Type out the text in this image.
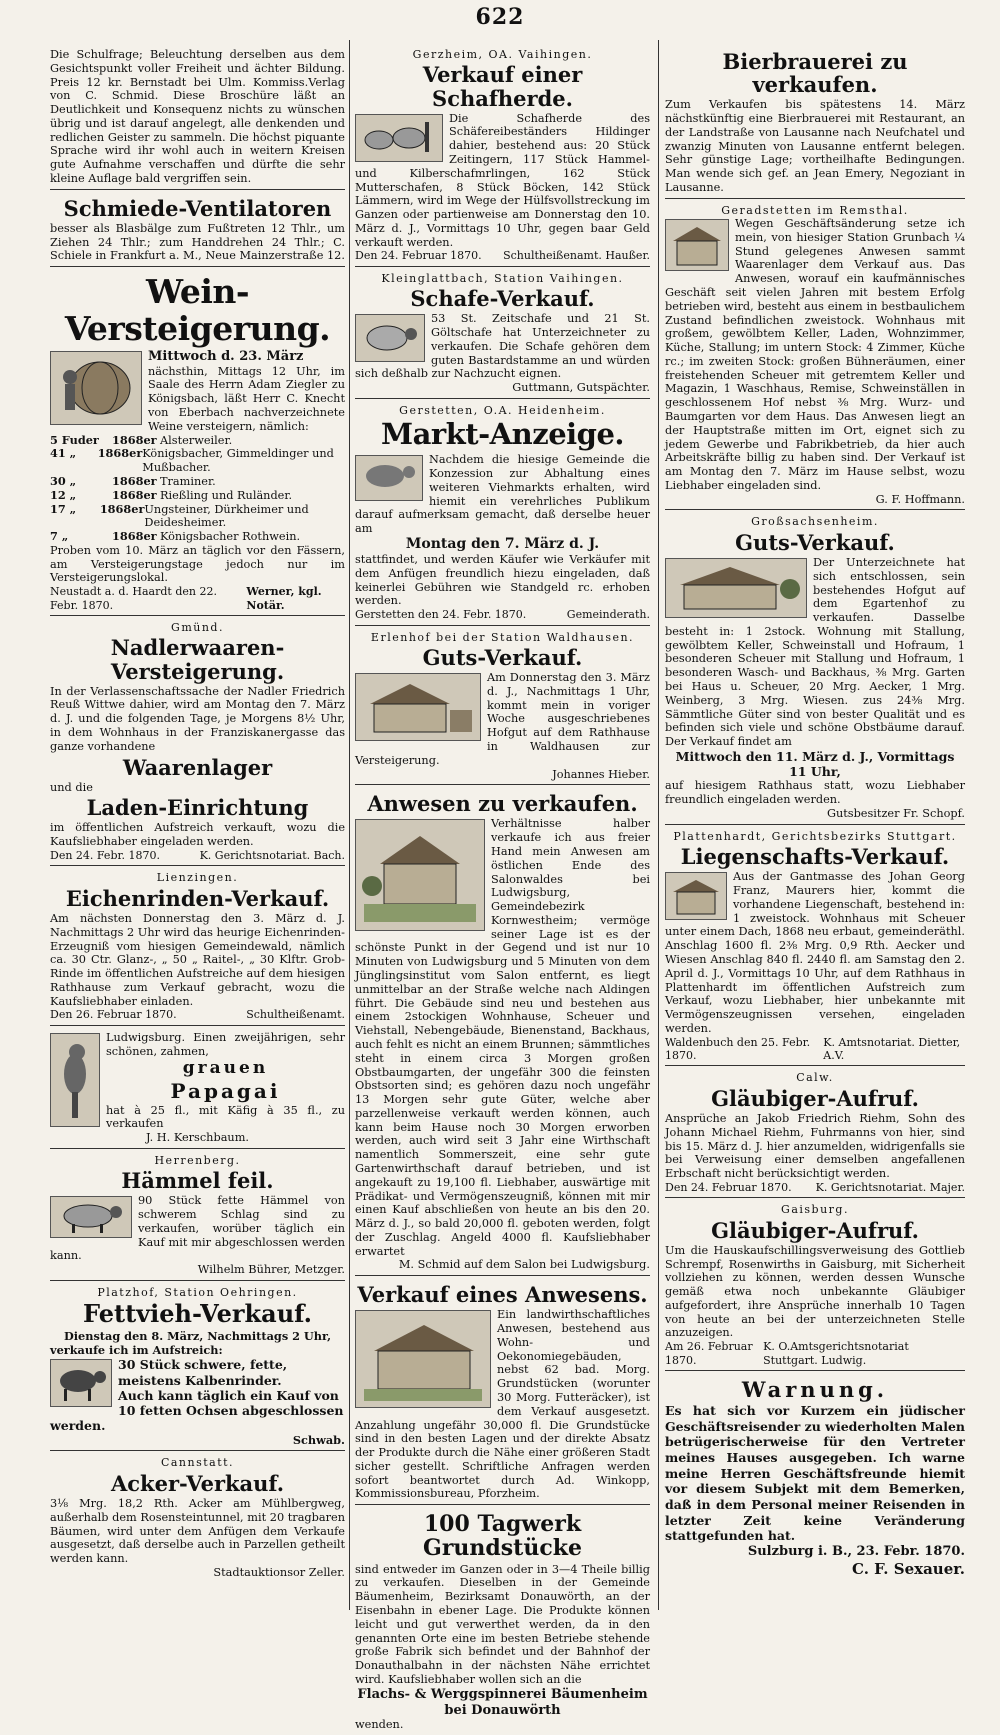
622
Die Schulfrage; Beleuchtung derselben aus dem Gesichtspunkt voller Freiheit und ächter Bildung. Preis 12 kr. Bernstadt bei Ulm. Kommiss.Verlag von C. Schmid. Diese Broschüre läßt an Deutlichkeit und Konsequenz nichts zu wünschen übrig und ist darauf angelegt, alle denkenden und redlichen Geister zu sammeln. Die höchst piquante Sprache wird ihr wohl auch in weitern Kreisen gute Aufnahme verschaffen und dürfte die sehr kleine Auflage bald vergriffen sein.
Schmiede-Ventilatoren
besser als Blasbälge zum Fußtreten 12 Thlr., um Ziehen 24 Thlr.; zum Handdrehen 24 Thlr.; C. Schiele in Frankfurt a. M., Neue Mainzerstraße 12.
Wein-Versteigerung.
Mittwoch d. 23. März
nächsthin, Mittags 12 Uhr, im Saale des Herrn Adam Ziegler zu Königsbach, läßt Herr C. Knecht von Eberbach nachverzeichnete Weine versteigern, nämlich:
5 Fuder	1868er Alsterweiler.
41 „	1868er Königsbacher, Gimmeldinger und Mußbacher.
30 „	1868er Traminer.
12 „	1868er Rießling und Ruländer.
17 „	1868er Ungsteiner, Dürkheimer und Deidesheimer.
7 „	1868er Königsbacher Rothwein.
Proben vom 10. März an täglich vor den Fässern, am Versteigerungstage jedoch nur im Versteigerungslokal.
Neustadt a. d. Haardt den 22. Febr. 1870.
Werner, kgl. Notär.
Gmünd.
Nadlerwaaren-Versteigerung.
In der Verlassenschaftssache der Nadler Friedrich Reuß Wittwe dahier, wird am Montag den 7. März d. J. und die folgenden Tage, je Morgens 8½ Uhr, in dem Wohnhaus in der Franziskanergasse das ganze vorhandene
Waarenlager
und die
Laden-Einrichtung
im öffentlichen Aufstreich verkauft, wozu die Kaufsliebhaber eingeladen werden.
Den 24. Febr. 1870.	K. Gerichtsnotariat. Bach.
Lienzingen.
Eichenrinden-Verkauf.
Am nächsten Donnerstag den 3. März d. J. Nachmittags 2 Uhr wird das heurige Eichenrinden-Erzeugniß vom hiesigen Gemeindewald, nämlich ca. 30 Ctr. Glanz-, „ 50 „ Raitel-, „ 30 Klftr. Grob- Rinde im öffentlichen Aufstreiche auf dem hiesigen Rathhause zum Verkauf gebracht, wozu die Kaufsliebhaber einladen.
Den 26. Februar 1870.	Schultheißenamt.
Ludwigsburg. Einen zweijährigen, sehr schönen, zahmen,
grauen
Papagai
hat à 25 fl., mit Käfig à 35 fl., zu verkaufen
J. H. Kerschbaum.
Herrenberg.
Hämmel feil.
90 Stück fette Hämmel von schwerem Schlag sind zu verkaufen, worüber täglich ein Kauf mit mir abgeschlossen werden kann.
Wilhelm Bührer, Metzger.
Platzhof, Station Oehringen.
Fettvieh-Verkauf.
Dienstag den 8. März, Nachmittags 2 Uhr,
verkaufe ich im Aufstreich:
30 Stück schwere, fette, meistens Kalbenrinder.
Auch kann täglich ein Kauf von 10 fetten Ochsen abgeschlossen werden.
Schwab.
Cannstatt.
Acker-Verkauf.
3⅛ Mrg. 18,2 Rth. Acker am Mühlbergweg, außerhalb dem Rosensteintunnel, mit 20 tragbaren Bäumen, wird unter dem Anfügen dem Verkaufe ausgesetzt, daß derselbe auch in Parzellen getheilt werden kann.
Stadtauktionsor Zeller.
Gerzheim, OA. Vaihingen.
Verkauf einer Schafherde.
Die Schafherde des Schäfereibeständers Hildinger dahier, bestehend aus: 20 Stück Zeitingern, 117 Stück Hammel- und Kilberschafmrlingen, 162 Stück Mutterschafen, 8 Stück Böcken, 142 Stück Lämmern, wird im Wege der Hülfsvollstreckung im Ganzen oder partienweise am Donnerstag den 10. März d. J., Vormittags 10 Uhr, gegen baar Geld verkauft werden.
Den 24. Februar 1870. Schultheißenamt. Haußer.
Kleinglattbach, Station Vaihingen.
Schafe-Verkauf.
53 St. Zeitschafe und 21 St. Göltschafe hat Unterzeichneter zu verkaufen. Die Schafe gehören dem guten Bastardstamme an und würden sich deßhalb zur Nachzucht eignen.
Guttmann, Gutspächter.
Gerstetten, O.A. Heidenheim.
Markt-Anzeige.
Nachdem die hiesige Gemeinde die Konzession zur Abhaltung eines weiteren Viehmarkts erhalten, wird hiemit ein verehrliches Publikum darauf aufmerksam gemacht, daß derselbe heuer am
Montag den 7. März d. J.
stattfindet, und werden Käufer wie Verkäufer mit dem Anfügen freundlich hiezu eingeladen, daß keinerlei Gebühren wie Standgeld rc. erhoben werden.
Gerstetten den 24. Febr. 1870.	Gemeinderath.
Erlenhof bei der Station Waldhausen.
Guts-Verkauf.
Am Donnerstag den 3. März d. J., Nachmittags 1 Uhr, kommt mein in voriger Woche ausgeschriebenes Hofgut auf dem Rathhause in Waldhausen zur Versteigerung.
Johannes Hieber.
Anwesen zu verkaufen.
Verhältnisse halber verkaufe ich aus freier Hand mein Anwesen am östlichen Ende des Salonwaldes bei Ludwigsburg, Gemeindebezirk Kornwestheim; vermöge seiner Lage ist es der schönste Punkt in der Gegend und ist nur 10 Minuten von Ludwigsburg und 5 Minuten von dem Jünglingsinstitut vom Salon entfernt, es liegt unmittelbar an der Straße welche nach Aldingen führt. Die Gebäude sind neu und bestehen aus einem 2stockigen Wohnhause, Scheuer und Viehstall, Nebengebäude, Bienenstand, Backhaus, auch fehlt es nicht an einem Brunnen; sämmtliches steht in einem circa 3 Morgen großen Obstbaumgarten, der ungefähr 300 die feinsten Obstsorten sind; es gehören dazu noch ungefähr 13 Morgen sehr gute Güter, welche aber parzellenweise verkauft werden können, auch kann beim Hause noch 30 Morgen erworben werden, auch wird seit 3 Jahr eine Wirthschaft namentlich Sommerszeit, eine sehr gute Gartenwirthschaft darauf betrieben, und ist angekauft zu 19,100 fl. Liebhaber, auswärtige mit Prädikat- und Vermögenszeugniß, können mit mir einen Kauf abschließen von heute an bis den 20. März d. J., so bald 20,000 fl. geboten werden, folgt der Zuschlag. Angeld 4000 fl. Kaufsliebhaber erwartet
M. Schmid auf dem Salon bei Ludwigsburg.
Verkauf eines Anwesens.
Ein landwirthschaftliches Anwesen, bestehend aus Wohn- und Oekonomiegebäuden, nebst 62 bad. Morg. Grundstücken (worunter 30 Morg. Futteräcker), ist dem Verkauf ausgesetzt. Anzahlung ungefähr 30,000 fl. Die Grundstücke sind in den besten Lagen und der direkte Absatz der Produkte durch die Nähe einer größeren Stadt sicher gestellt. Schriftliche Anfragen werden sofort beantwortet durch Ad. Winkopp, Kommissionsbureau, Pforzheim.
100 Tagwerk Grundstücke
sind entweder im Ganzen oder in 3—4 Theile billig zu verkaufen. Dieselben in der Gemeinde Bäumenheim, Bezirksamt Donauwörth, an der Eisenbahn in ebener Lage. Die Produkte können leicht und gut verwerthet werden, da in den genannten Orte eine im besten Betriebe stehende große Fabrik sich befindet und der Bahnhof der Donauthalbahn in der nächsten Nähe errichtet wird. Kaufsliebhaber wollen sich an die
Flachs- & Werggspinnerei Bäumenheim bei Donauwörth
wenden.
Bierbrauerei zu verkaufen.
Zum Verkaufen bis spätestens 14. März nächstkünftig eine Bierbrauerei mit Restaurant, an der Landstraße von Lausanne nach Neufchatel und zwanzig Minuten von Lausanne entfernt belegen. Sehr günstige Lage; vortheilhafte Bedingungen. Man wende sich gef. an Jean Emery, Negoziant in Lausanne.
Geradstetten im Remsthal.
Wegen Geschäftsänderung setze ich mein, von hiesiger Station Grunbach ¼ Stund gelegenes Anwesen sammt Waarenlager dem Verkauf aus. Das Anwesen, worauf ein kaufmännisches Geschäft seit vielen Jahren mit bestem Erfolg betrieben wird, besteht aus einem in bestbaulichem Zustand befindlichen zweistock. Wohnhaus mit großem, gewölbtem Keller, Laden, Wohnzimmer, Küche, Stallung; im untern Stock: 4 Zimmer, Küche rc.; im zweiten Stock: großen Bühneräumen, einer freistehenden Scheuer mit getremtem Keller und Magazin, 1 Waschhaus, Remise, Schweinställen in geschlossenem Hof nebst ⅜ Mrg. Wurz- und Baumgarten vor dem Haus. Das Anwesen liegt an der Hauptstraße mitten im Ort, eignet sich zu jedem Gewerbe und Fabrikbetrieb, da hier auch Arbeitskräfte billig zu haben sind. Der Verkauf ist am Montag den 7. März im Hause selbst, wozu Liebhaber eingeladen sind.
G. F. Hoffmann.
Großsachsenheim.
Guts-Verkauf.
Der Unterzeichnete hat sich entschlossen, sein bestehendes Hofgut auf dem Egartenhof zu verkaufen. Dasselbe besteht in: 1 2stock. Wohnung mit Stallung, gewölbtem Keller, Schweinstall und Hofraum, 1 besonderen Scheuer mit Stallung und Hofraum, 1 besonderen Wasch- und Backhaus, ⅜ Mrg. Garten bei Haus u. Scheuer, 20 Mrg. Aecker, 1 Mrg. Weinberg, 3 Mrg. Wiesen. zus 24⅜ Mrg. Sämmtliche Güter sind von bester Qualität und es befinden sich viele und schöne Obstbäume darauf. Der Verkauf findet am
Mittwoch den 11. März d. J., Vormittags 11 Uhr,
auf hiesigem Rathhaus statt, wozu Liebhaber freundlich eingeladen werden.
Gutsbesitzer Fr. Schopf.
Plattenhardt, Gerichtsbezirks Stuttgart.
Liegenschafts-Verkauf.
Aus der Gantmasse des Johan Georg Franz, Maurers hier, kommt die vorhandene Liegenschaft, bestehend in: 1 zweistock. Wohnhaus mit Scheuer unter einem Dach, 1868 neu erbaut, gemeinderäthl. Anschlag 1600 fl. 2⅜ Mrg. 0,9 Rth. Aecker und Wiesen Anschlag 840 fl. 2440 fl. am Samstag den 2. April d. J., Vormittags 10 Uhr, auf dem Rathhaus in Plattenhardt im öffentlichen Aufstreich zum Verkauf, wozu Liebhaber, hier unbekannte mit Vermögenszeugnissen versehen, eingeladen werden.
Waldenbuch den 25. Febr. 1870.
K. Amtsnotariat. Dietter, A.V.
Calw.
Gläubiger-Aufruf.
Ansprüche an Jakob Friedrich Riehm, Sohn des Johann Michael Riehm, Fuhrmanns von hier, sind bis 15. März d. J. hier anzumelden, widrigenfalls sie bei Verweisung einer demselben angefallenen Erbschaft nicht berücksichtigt werden.
Den 24. Februar 1870. K. Gerichtsnotariat. Majer.
Gaisburg.
Gläubiger-Aufruf.
Um die Hauskaufschillingsverweisung des Gottlieb Schrempf, Rosenwirths in Gaisburg, mit Sicherheit vollziehen zu können, werden dessen Wunsche gemäß etwa noch unbekannte Gläubiger aufgefordert, ihre Ansprüche innerhalb 10 Tagen von heute an bei der unterzeichneten Stelle anzuzeigen.
Am 26. Februar 1870.
K. O.Amtsgerichtsnotariat Stuttgart. Ludwig.
Warnung.
Es hat sich vor Kurzem ein jüdischer Geschäftsreisender zu wiederholten Malen betrügerischerweise für den Vertreter meines Hauses ausgegeben. Ich warne meine Herren Geschäftsfreunde hiemit vor diesem Subjekt mit dem Bemerken, daß in dem Personal meiner Reisenden in letzter Zeit keine Veränderung stattgefunden hat.
Sulzburg i. B., 23. Febr. 1870.
C. F. Sexauer.
